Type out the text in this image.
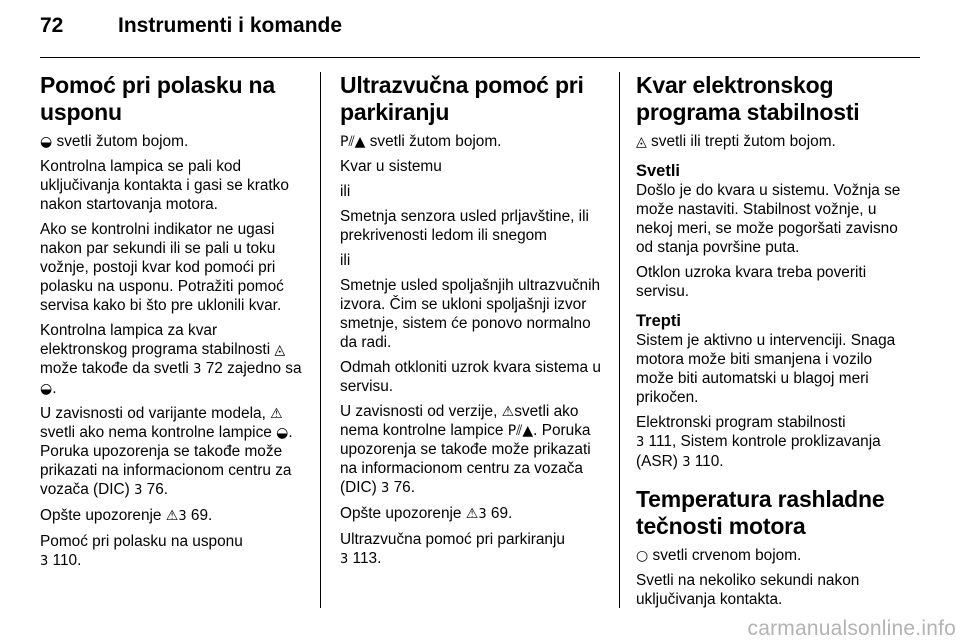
72	Instrumenti i komande
Pomoć pri polasku na usponu

◒ svetli žutom bojom.

Kontrolna lampica se pali kod uključivanja kontakta i gasi se kratko nakon startovanja motora.

Ako se kontrolni indikator ne ugasi nakon par sekundi ili se pali u toku vožnje, postoji kvar kod pomoći pri polasku na usponu. Potražiti pomoć servisa kako bi što pre uklonili kvar.

Kontrolna lampica za kvar elektronskog programa stabilnosti ◬ može takođe da svetli 3 72 zajedno sa ◒.

U zavisnosti od varijante modela, ⚠ svetli ako nema kontrolne lampice ◒. Poruka upozorenja se takođe može prikazati na informacionom centru za vozača (DIC) 3 76.

Opšte upozorenje ⚠3 69.

Pomoć pri polasku na usponu
3 110.

Ultrazvučna pomoć pri parkiranju

P⫽▲ svetli žutom bojom.

Kvar u sistemu

ili

Smetnja senzora usled prljavštine, ili prekrivenosti ledom ili snegom

ili

Smetnje usled spoljašnjih ultrazvučnih izvora. Čim se ukloni spoljašnji izvor smetnje, sistem će ponovo normalno da radi.

Odmah otkloniti uzrok kvara sistema u servisu.

U zavisnosti od verzije, ⚠svetli ako nema kontrolne lampice P⫽▲. Poruka upozorenja se takođe može prikazati na informacionom centru za vozača (DIC) 3 76.

Opšte upozorenje ⚠3 69.

Ultrazvučna pomoć pri parkiranju
3 113.

Kvar elektronskog programa stabilnosti

◬ svetli ili trepti žutom bojom.

Svetli

Došlo je do kvara u sistemu. Vožnja se može nastaviti. Stabilnost vožnje, u nekoj meri, se može pogoršati zavisno od stanja površine puta.

Otklon uzroka kvara treba poveriti servisu.

Trepti

Sistem je aktivno u intervenciji. Snaga motora može biti smanjena i vozilo može biti automatski u blagoj meri prikočen.

Elektronski program stabilnosti
3 111, Sistem kontrole proklizavanja (ASR) 3 110.

Temperatura rashladne tečnosti motora

○ svetli crvenom bojom.

Svetli na nekoliko sekundi nakon uključivanja kontakta.

carmanualsonline.info
